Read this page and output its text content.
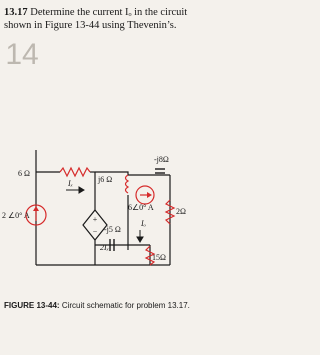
14
13.17 Determine the current Iₒ in the circuit shown in Figure 13-44 using Thevenin’s.
+
−
6 Ω
j6 Ω
-j5 Ω
2 ∠0° A
2Iₓ
Iₓ
Iₒ
15Ω
-j8Ω
6∠0° A	2Ω
FIGURE 13-44: Circuit schematic for problem 13.17.
